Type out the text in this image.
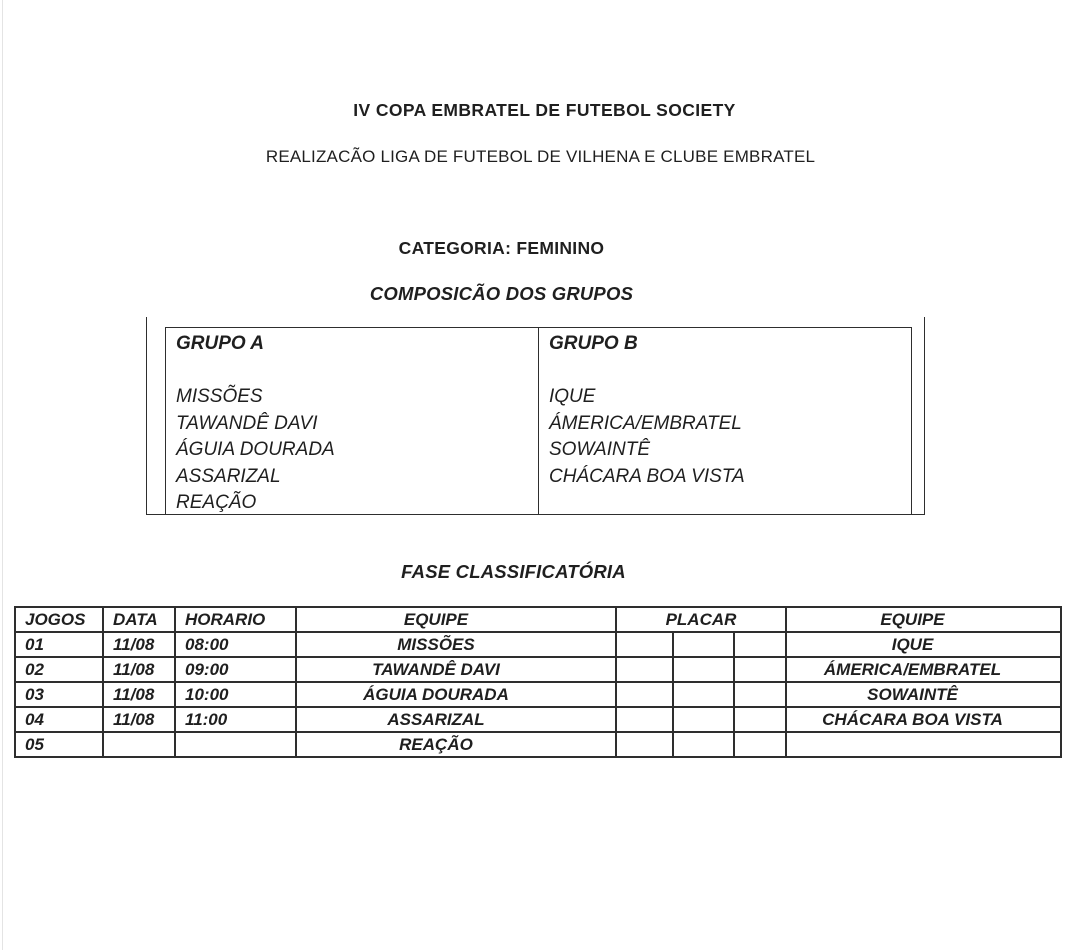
IV COPA EMBRATEL DE FUTEBOL SOCIETY
REALIZACÃO LIGA DE FUTEBOL DE VILHENA E CLUBE EMBRATEL
CATEGORIA: FEMININO
COMPOSICÃO DOS GRUPOS
GRUPO A
MISSÕES
TAWANDÊ DAVI
ÁGUIA DOURADA
ASSARIZAL
REAÇÃO
GRUPO B
IQUE
ÁMERICA/EMBRATEL
SOWAINTÊ
CHÁCARA BOA VISTA
FASE CLASSIFICATÓRIA
JOGOS	DATA	HORARIO	EQUIPE	PLACAR			EQUIPE
01	11/08	08:00	MISSÕES				IQUE
02	11/08	09:00	TAWANDÊ DAVI				ÁMERICA/EMBRATEL
03	11/08	10:00	ÁGUIA DOURADA				SOWAINTÊ
04	11/08	11:00	ASSARIZAL				CHÁCARA BOA VISTA
05			REAÇÃO				
